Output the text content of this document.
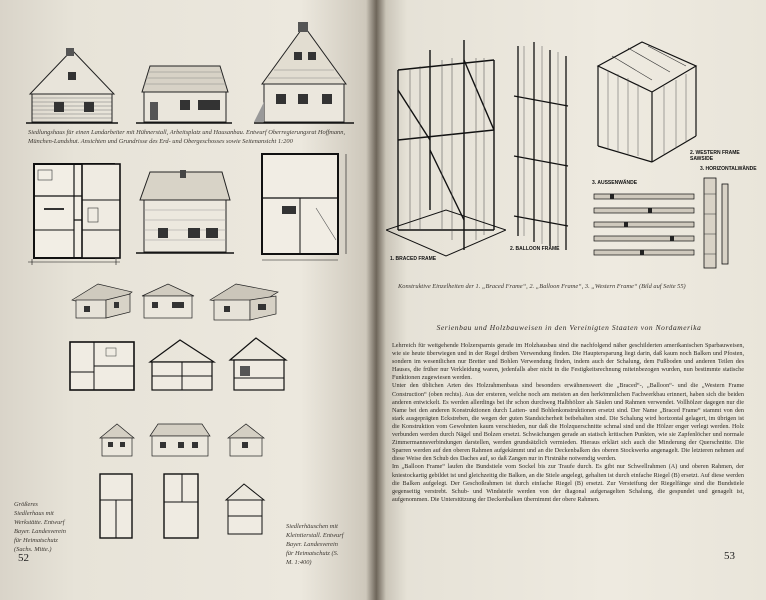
Siedlungshaus für einen Landarbeiter mit Hühnerstall, Arbeitsplatz und Hausanbau. Entwurf Oberregierungsrat Hoffmann, München-Landshut. Ansichten und Grundrisse des Erd- und Obergeschosses sowie Seitenansicht 1:200
Größeres Siedlerhaus mit Werkstätte. Entwurf Bayer. Landesverein für Heimatschutz (Sachs. Mitte.)
Siedlerhäuschen mit Kleintierstall. Entwurf Bayer. Landesverein für Heimatschutz (S. M. 1:400)
52
1. BRACED FRAME
2. BALLOON FRAME
2. WESTERN FRAME SAWSIDE
3. AUSSENWÄNDE
3. HORIZONTALWÄNDE
Konstruktive Einzelheiten der 1. „Braced Frame“, 2. „Balloon Frame“, 3. „Western Frame“ (Bild auf Seite 55)
Serienbau und Holzbauweisen in den Vereinigten Staaten von Nordamerika

Lehrreich für weitgehende Holzersparnis gerade im Holzhausbau sind die nachfolgend näher geschilderten amerikanischen Sparbauweisen, wie sie heute überwiegen und in der Regel drüben Verwendung finden. Die Hauptersparung liegt darin, daß kaum noch Balken und Pfosten, sondern im wesentlichen nur Bretter und Bohlen Verwendung finden, indem auch der Schalung, dem Fußboden und anderen Teilen des Hauses, die früher nur Verkleidung waren, jedenfalls aber nicht in die Festigkeitsrechnung miteinbezogen wurden, nun bestimmte statische Funktionen zugewiesen werden.

Unter den üblichen Arten des Holzrahmenbaus sind besonders erwähnenswert die „Braced“-, „Balloon“- und die „Western Frame Construction“ (oben rechts). Aus der ersteren, welche noch am meisten an den herkömmlichen Fachwerkbau erinnert, haben sich die beiden anderen entwickelt. Es werden allerdings bei ihr schon durchweg Halbhölzer als Säulen und Rahmen verwendet. Vollhölzer dagegen nur die Name bei den anderen Konstruktionen durch Latten- und Bohlenkonstruktionen ersetzt sind. Der Name „Braced Frame“ stammt von den stark ausgeprägten Eckstreben, die wegen der guten Standsicherheit beibehalten sind. Die Schalung wird horizontal gelagert, im übrigen ist die Konstruktion vom Gewohnten kaum verschieden, nur daß die Holzquerschnitte schmal sind und die Hölzer enger verlegt werden. Holz verbunden werden durch Nägel und Bolzen ersetzt. Schwächungen gerade an statisch kritischen Punkten, wie sie Zapfenlöcher und normale Zimmermannsverbindungen darstellen, werden grundsätzlich vermieden. Hieraus erklärt sich auch die Minderung der Querschnitte. Die Sparren werden auf den oberen Rahmen aufgekämmt und an die Deckenbalken des oberen Stockwerks angenagelt. Die letzteren nehmen auf diese Weise den Schub des Daches auf, so daß Zangen nur in Firstnähe notwendig werden.

Im „Balloon Frame“ laufen die Bundstiele vom Sockel bis zur Traufe durch. Es gibt nur Schwellrahmen (A) und oberen Rahmen, der kniestockartig gebildet ist und gleichzeitig die Balken, an die Stiele angelegt, gehalten ist durch einfache Riegel (B) ersetzt. Auf diese werden die Balken aufgelegt. Der Geschoßrahmen ist durch einfache Riegel (B) ersetzt. Zur Versteifung der Riegelfänge sind die Bundstiele gegenseitig verstrebt. Schub- und Windsteife werden von der diagonal aufgenagelten Schalung, die gespundet und genagelt ist, aufgenommen. Die Unterstützung der Deckenbalken übernimmt der obere Rahmen.

53
